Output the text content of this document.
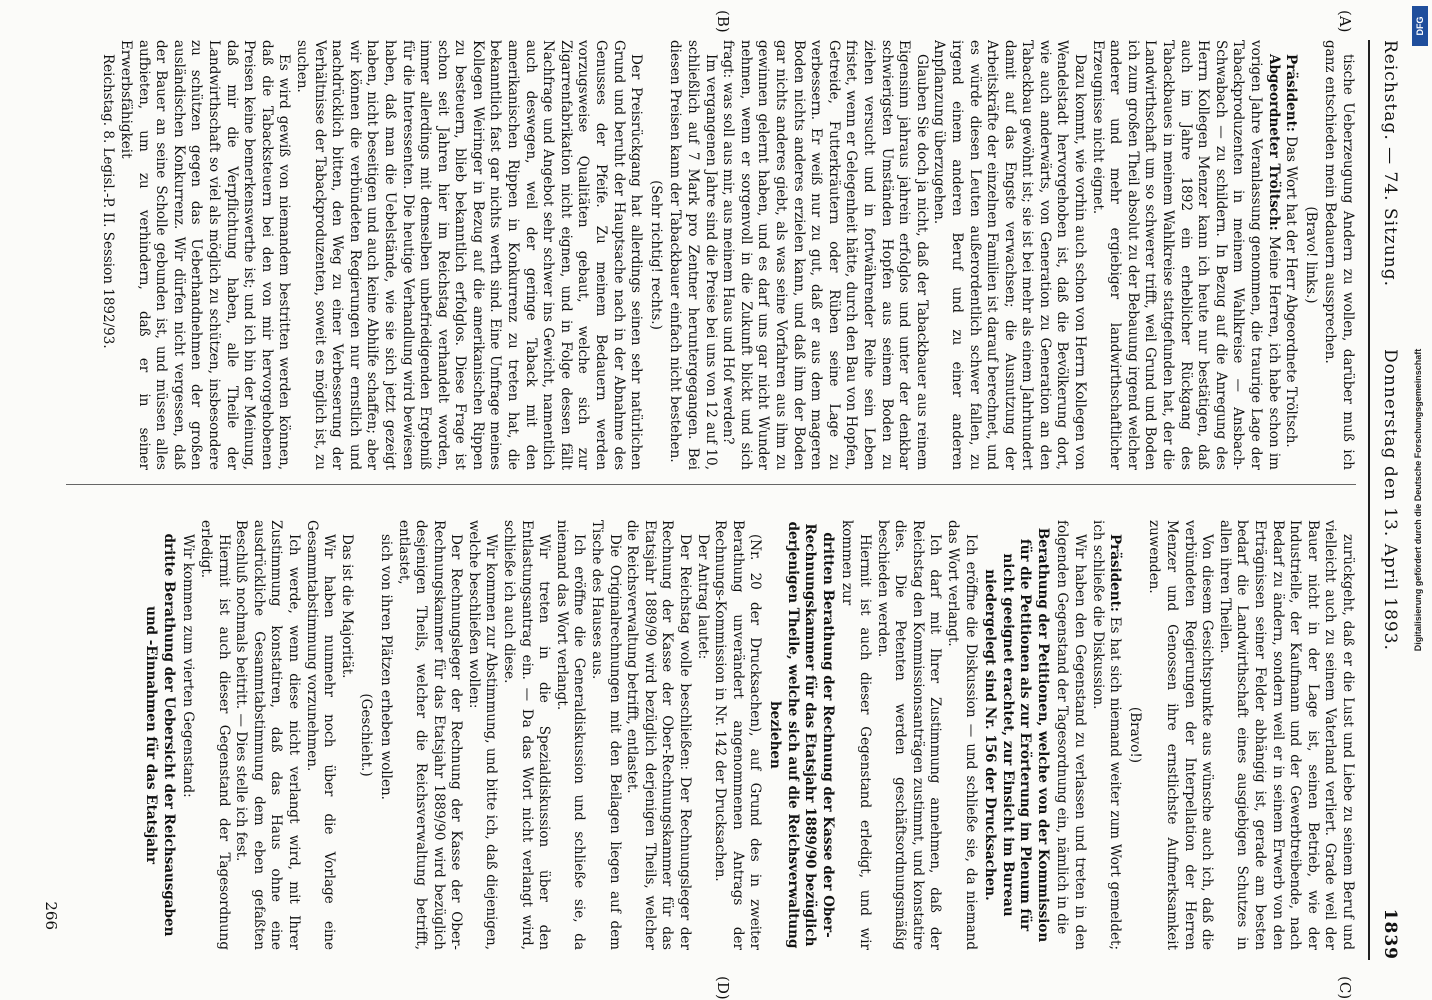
Reichstag. — 74. Sitzung.
Donnerstag den 13. April 1893.
1839
(A)
(B)
(C)
(D)

tische Ueberzeugung Andern zu wollen, darüber muß ich ganz entschieden mein Bedauern aussprechen.

(Bravo! links.)

Präsident: Das Wort hat der Herr Abgeordnete Tröltsch.

Abgeordneter Tröltsch: Meine Herren, ich habe schon im vorigen Jahre Veranlassung genommen, die traurige Lage der Tabackproduzenten in meinem Wahlkreise — Ansbach-Schwabach — zu schildern. In Bezug auf die Anregung des Herrn Kollegen Menzer kann ich heute nur bestätigen, daß auch im Jahre 1892 ein erheblicher Rückgang des Tabackbaues in meinem Wahlkreise stattgefunden hat, der die Landwirthschaft um so schwerer trifft, weil Grund und Boden ich zum großen Theil absolut zu der Bebauung irgend welcher anderer und mehr ergiebiger landwirthschaftlicher Erzeugnisse nicht eignet.

Dazu kommt, wie vorhin auch schon von Herrn Kollegen von Wendelstadt hervorgehoben ist, daß die Bevölkerung dort, wie auch anderwärts, von Generation zu Generation an den Tabackbau gewöhnt ist; sie ist bei mehr als einem Jahrhundert damit auf das Engste verwachsen; die Ausnutzung der Arbeitskräfte der einzelnen Familien ist darauf berechnet, und es würde diesen Leuten außerordentlich schwer fallen, zu irgend einem anderen Beruf und zu einer anderen Anpflanzung überzugehen.

Glauben Sie doch ja nicht, daß der Tabackbauer aus reinem Eigensinn jahraus jahrein erfolglos und unter der denkbar schwierigsten Umständen Hopfen aus seinem Boden zu ziehen versucht und in fortwährender Reihe sein Leben fristet, wenn er Gelegenheit hätte, durch den Bau von Hopfen, Getreide, Futterkräutern oder Rüben seine Lage zu verbessern. Er weiß nur zu gut, daß er aus dem mageren Boden nichts anderes erzielen kann, und daß ihm der Boden gar nichts anderes giebt, als was seine Vorfahren aus ihm zu gewinnen gelernt haben, und es darf uns gar nicht Wunder nehmen, wenn er sorgenvoll in die Zukunft blickt und sich fragt: was soll aus mir, aus meinem Haus und Hof werden?

Im vergangenen Jahre sind die Preise bei uns von 12 auf 10, schließlich auf 7 Mark pro Zentner heruntergegangen. Bei diesen Preisen kann der Tabackbauer einfach nicht bestehen.

(Sehr richtig! rechts.)

Der Preisrückgang hat allerdings seinen sehr natürlichen Grund und beruht der Hauptsache nach in der Abnahme des Genusses der Pfeife. Zu meinem Bedauern werden vorzugsweise Qualitäten gebaut, welche sich zur Zigarrenfabrikation nicht eignen, und in Folge dessen fällt Nachfrage und Angebot sehr schwer ins Gewicht, namentlich auch deswegen, weil der geringe Taback mit den amerikanischen Rippen in Konkurrenz zu treten hat, die bekanntlich fast gar nichts werth sind. Eine Umfrage meines Kollegen Weiringer in Bezug auf die amerikanischen Rippen zu besteuern, blieb bekanntlich erfolglos. Diese Frage ist schon seit Jahren hier im Reichstag verhandelt worden, immer allerdings mit demselben unbefriedigenden Ergebniß für die Interessenten. Die heutige Verhandlung wird bewiesen haben, daß man die Uebelstände, wie sie sich jetzt gezeigt haben, nicht beseitigen und auch keine Abhilfe schaffen; aber wir können die verbündeten Regierungen nur ernstlich und nachdrücklich bitten, den Weg zu einer Verbesserung der Verhältnisse der Tabackproduzenten, soweit es möglich ist, zu suchen.

Es wird gewiß von niemandem bestritten werden können, daß die Tabacksteuern bei den von mir hervorgehobenen Preisen keine bemerkenswerthe ist; und ich bin der Meinung, daß mir die Verpflichtung haben, alle Theile der Landwirthschaft so viel als möglich zu schützen, insbesondere zu schützen gegen das Ueberhandnehmen der großen ausländischen Konkurrenz. Wir dürfen nicht vergessen, daß der Bauer an seine Scholle gebunden ist, und müssen alles aufbieten, um zu verhindern, daß er in seiner Erwerbsfähigkeit

Reichstag. 8. Legisl.-P. II. Session 1892/93.

zurückgeht, daß er die Lust und Liebe zu seinem Beruf und vielleicht auch zu seinem Vaterland verliert. Grade weil der Bauer nicht in der Lage ist, seinen Betrieb, wie der Industrielle, der Kaufmann und der Gewerbtreibende, nach Bedarf zu ändern, sondern weil er in seinem Erwerb von den Erträgnissen seiner Felder abhängig ist, gerade am besten bedarf die Landwirthschaft eines ausgiebigen Schutzes in allen ihren Theilen.

Von diesem Gesichtspunkte aus wünsche auch ich, daß die verbündeten Regierungen der Interpellation der Herren Menzer und Genossen ihre ernstlichste Aufmerksamkeit zuwenden.

(Bravo!)

Präsident: Es hat sich niemand weiter zum Wort gemeldet; ich schließe die Diskussion.

Wir haben den Gegenstand zu verlassen und treten in den folgenden Gegenstand der Tagesordnung ein, nämlich in die

Berathung der Petitionen, welche von der Kommission für die Petitionen als zur Erörterung im Plenum für nicht geeignet erachtet, zur Einsicht im Bureau niedergelegt sind Nr. 156 der Drucksachen.

Ich eröffne die Diskussion — und schließe sie, da niemand das Wort verlangt.

Ich darf mit Ihrer Zustimmung annehmen, daß der Reichstag den Kommissionsanträgen zustimmt, und konstatire dies. Die Petenten werden geschäftsordnungsmäßig beschieden werden.

Hiermit ist auch dieser Gegenstand erledigt, und wir kommen zur

dritten Berathung der Rechnung der Kasse der Ober-Rechnungskammer für das Etatsjahr 1889/90 bezüglich derjenigen Theile, welche sich auf die Reichsverwaltung beziehen

(Nr. 20 der Drucksachen), auf Grund des in zweiter Berathung unverändert angenommenen Antrags der Rechnungs-Kommission in Nr. 142 der Drucksachen.

Der Antrag lautet:

Der Reichstag wolle beschließen: Der Rechnungsleger der Rechnung der Kasse der Ober-Rechnungskammer für das Etatsjahr 1889/90 wird bezüglich derjenigen Theils, welcher die Reichsverwaltung betrifft, entlastet.

Die Originalrechnungen mit den Beilagen liegen auf dem Tische des Hauses aus.

Ich eröffne die Generaldiskussion und schließe sie, da niemand das Wort verlangt.

Wir treten in die Spezialdiskussion über den Entlastungsantrag ein. — Da das Wort nicht verlangt wird, schließe ich auch diese.

Wir kommen zur Abstimmung, und bitte ich, daß diejenigen, welche beschließen wollen:

Der Rechnungsleger der Rechnung der Kasse der Ober-Rechnungskammer für das Etatsjahr 1889/90 wird bezüglich desjenigen Theils, welcher die Reichsverwaltung betrifft, entlastet,

sich von ihren Plätzen erheben wollen.

(Geschieht.)

Das ist die Majorität.

Wir haben nunmehr noch über die Vorlage eine Gesammtabstimmung vorzunehmen.

Ich werde, wenn diese nicht verlangt wird, mit Ihrer Zustimmung konstatiren, daß das Haus ohne eine ausdrückliche Gesammtabstimmung dem eben gefaßten Beschluß nochmals beitritt. — Dies stelle ich fest.

Hiermit ist auch dieser Gegenstand der Tagesordnung erledigt.

Wir kommen zum vierten Gegenstand:

dritte Berathung der Uebersicht der Reichsausgaben und -Einnahmen für das Etatsjahr

266
Digitalisierung gefördert durch die Deutsche Forschungsgemeinschaft
DFG
